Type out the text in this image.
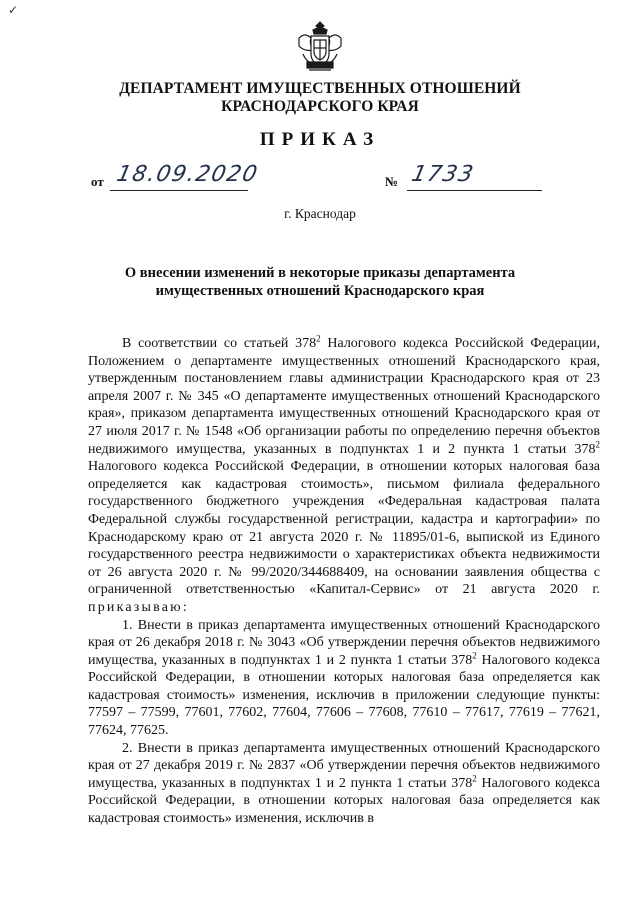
✓
ДЕПАРТАМЕНТ ИМУЩЕСТВЕННЫХ ОТНОШЕНИЙ
КРАСНОДАРСКОГО КРАЯ
ПРИКАЗ
от 18.09.2020	№ 1733
г. Краснодар
О внесении изменений в некоторые приказы департамента
имущественных отношений Краснодарского края

В соответствии со статьей $378^2$ Налогового кодекса Российской Федерации, Положением о департаменте имущественных отношений Краснодарского края, утвержденным постановлением главы администрации Краснодарского края от 23 апреля 2007 г. № 345 «О департаменте имущественных отношений Краснодарского края», приказом департамента имущественных отношений Краснодарского края от 27 июля 2017 г. № 1548 «Об организации работы по определению перечня объектов недвижимого имущества, указанных в подпунктах 1 и 2 пункта 1 статьи $378^2$ Налогового кодекса Российской Федерации, в отношении которых налоговая база определяется как кадастровая стоимость», письмом филиала федерального государственного бюджетного учреждения «Федеральная кадастровая палата Федеральной службы государственной регистрации, кадастра и картографии» по Краснодарскому краю от 21 августа 2020 г. № 11895/01-6, выпиской из Единого государственного реестра недвижимости о характеристиках объекта недвижимости от 26 августа 2020 г. № 99/2020/344688409, на основании заявления общества с ограниченной ответственностью «Капитал-Сервис» от 21 августа 2020 г. приказываю:

1. Внести в приказ департамента имущественных отношений Краснодарского края от 26 декабря 2018 г. № 3043 «Об утверждении перечня объектов недвижимого имущества, указанных в подпунктах 1 и 2 пункта 1 статьи $378^2$ Налогового кодекса Российской Федерации, в отношении которых налоговая база определяется как кадастровая стоимость» изменения, исключив в приложении следующие пункты: 77597 – 77599, 77601, 77602, 77604, 77606 – 77608, 77610 – 77617, 77619 – 77621, 77624, 77625.

2. Внести в приказ департамента имущественных отношений Краснодарского края от 27 декабря 2019 г. № 2837 «Об утверждении перечня объектов недвижимого имущества, указанных в подпунктах 1 и 2 пункта 1 статьи $378^2$ Налогового кодекса Российской Федерации, в отношении которых налоговая база определяется как кадастровая стоимость» изменения, исключив в
